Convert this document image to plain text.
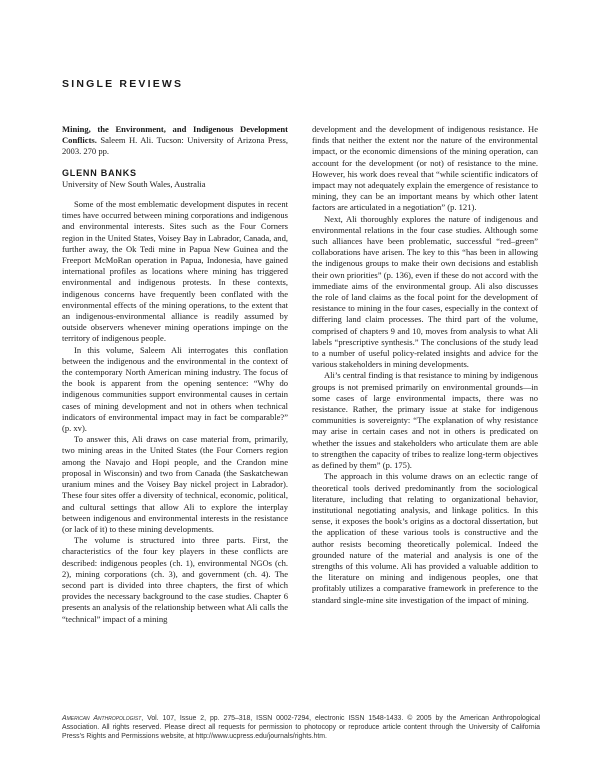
SINGLE REVIEWS

Mining, the Environment, and Indigenous Development Conflicts. Saleem H. Ali. Tucson: University of Arizona Press, 2003. 270 pp.

GLENN BANKS
University of New South Wales, Australia

Some of the most emblematic development disputes in recent times have occurred between mining corporations and indigenous and environmental interests. Sites such as the Four Corners region in the United States, Voisey Bay in Labrador, Canada, and, further away, the Ok Tedi mine in Papua New Guinea and the Freeport McMoRan operation in Papua, Indonesia, have gained international profiles as locations where mining has triggered environmental and indigenous protests. In these contexts, indigenous concerns have frequently been conflated with the environmental effects of the mining operations, to the extent that an indigenous-environmental alliance is readily assumed by outside observers whenever mining operations impinge on the territory of indigenous people.

In this volume, Saleem Ali interrogates this conflation between the indigenous and the environmental in the context of the contemporary North American mining industry. The focus of the book is apparent from the opening sentence: “Why do indigenous communities support environmental causes in certain cases of mining development and not in others when technical indicators of environmental impact may in fact be comparable?” (p. xv).

To answer this, Ali draws on case material from, primarily, two mining areas in the United States (the Four Corners region among the Navajo and Hopi people, and the Crandon mine proposal in Wisconsin) and two from Canada (the Saskatchewan uranium mines and the Voisey Bay nickel project in Labrador). These four sites offer a diversity of technical, economic, political, and cultural settings that allow Ali to explore the interplay between indigenous and environmental interests in the resistance (or lack of it) to these mining developments.

The volume is structured into three parts. First, the characteristics of the four key players in these conflicts are described: indigenous peoples (ch. 1), environmental NGOs (ch. 2), mining corporations (ch. 3), and government (ch. 4). The second part is divided into three chapters, the first of which provides the necessary background to the case studies. Chapter 6 presents an analysis of the relationship between what Ali calls the “technical” impact of a mining

development and the development of indigenous resistance. He finds that neither the extent nor the nature of the environmental impact, or the economic dimensions of the mining operation, can account for the development (or not) of resistance to the mine. However, his work does reveal that “while scientific indicators of impact may not adequately explain the emergence of resistance to mining, they can be an important means by which other latent factors are articulated in a negotiation” (p. 121).

Next, Ali thoroughly explores the nature of indigenous and environmental relations in the four case studies. Although some such alliances have been problematic, successful “red–green” collaborations have arisen. The key to this “has been in allowing the indigenous groups to make their own decisions and establish their own priorities” (p. 136), even if these do not accord with the immediate aims of the environmental group. Ali also discusses the role of land claims as the focal point for the development of resistance to mining in the four cases, especially in the context of differing land claim processes. The third part of the volume, comprised of chapters 9 and 10, moves from analysis to what Ali labels “prescriptive synthesis.” The conclusions of the study lead to a number of useful policy-related insights and advice for the various stakeholders in mining developments.

Ali’s central finding is that resistance to mining by indigenous groups is not premised primarily on environmental grounds—in some cases of large environmental impacts, there was no resistance. Rather, the primary issue at stake for indigenous communities is sovereignty: “The explanation of why resistance may arise in certain cases and not in others is predicated on whether the issues and stakeholders who articulate them are able to strengthen the capacity of tribes to realize long-term objectives as defined by them” (p. 175).

The approach in this volume draws on an eclectic range of theoretical tools derived predominantly from the sociological literature, including that relating to organizational behavior, institutional negotiating analysis, and linkage politics. In this sense, it exposes the book’s origins as a doctoral dissertation, but the application of these various tools is constructive and the author resists becoming theoretically polemical. Indeed the grounded nature of the material and analysis is one of the strengths of this volume. Ali has provided a valuable addition to the literature on mining and indigenous peoples, one that profitably utilizes a comparative framework in preference to the standard single-mine site investigation of the impact of mining.

American Anthropologist, Vol. 107, Issue 2, pp. 275–318, ISSN 0002-7294, electronic ISSN 1548-1433. © 2005 by the American Anthropological Association. All rights reserved. Please direct all requests for permission to photocopy or reproduce article content through the University of California Press’s Rights and Permissions website, at http://www.ucpress.edu/journals/rights.htm.
